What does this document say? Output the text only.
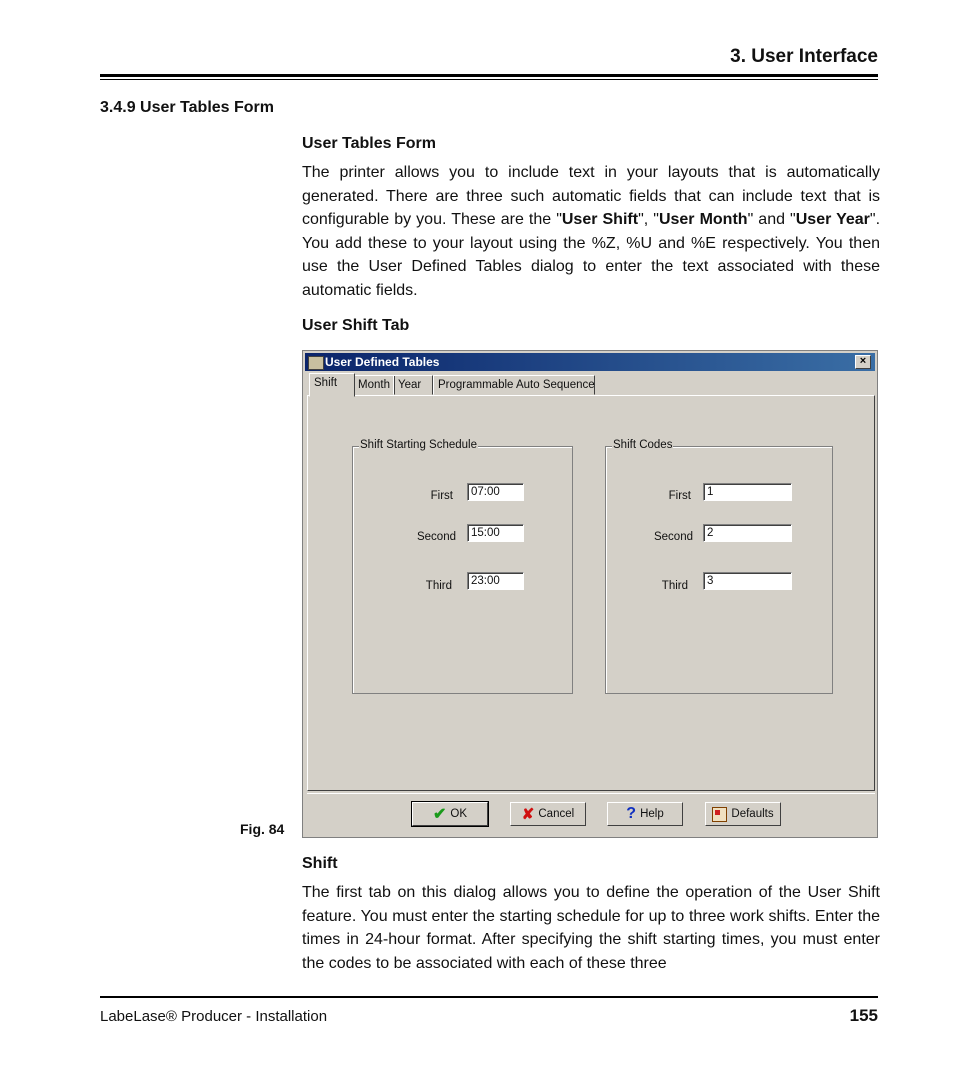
3. User Interface
3.4.9 User Tables Form
User Tables Form
The printer allows you to include text in your layouts that is automatically generated. There are three such automatic fields that can include text that is configurable by you. These are the "User Shift", "User Month" and "User Year". You add these to your layout using the %Z, %U and %E respectively. You then use the User Defined Tables dialog to enter the text associated with these automatic fields.
User Shift Tab
User Defined Tables	×
Shift	Month Year	Programmable Auto Sequence
Shift Starting Schedule
First	07:00
Second	15:00
Third	23:00
Shift Codes
First	1
Second	2
Third	3
✔ OK	✘ Cancel	? Help	Defaults
Fig. 84
Shift
The first tab on this dialog allows you to define the operation of the User Shift feature. You must enter the starting schedule for up to three work shifts. Enter the times in 24-hour format. After specifying the shift starting times, you must enter the codes to be associated with each of these three
LabeLase® Producer - Installation	155
